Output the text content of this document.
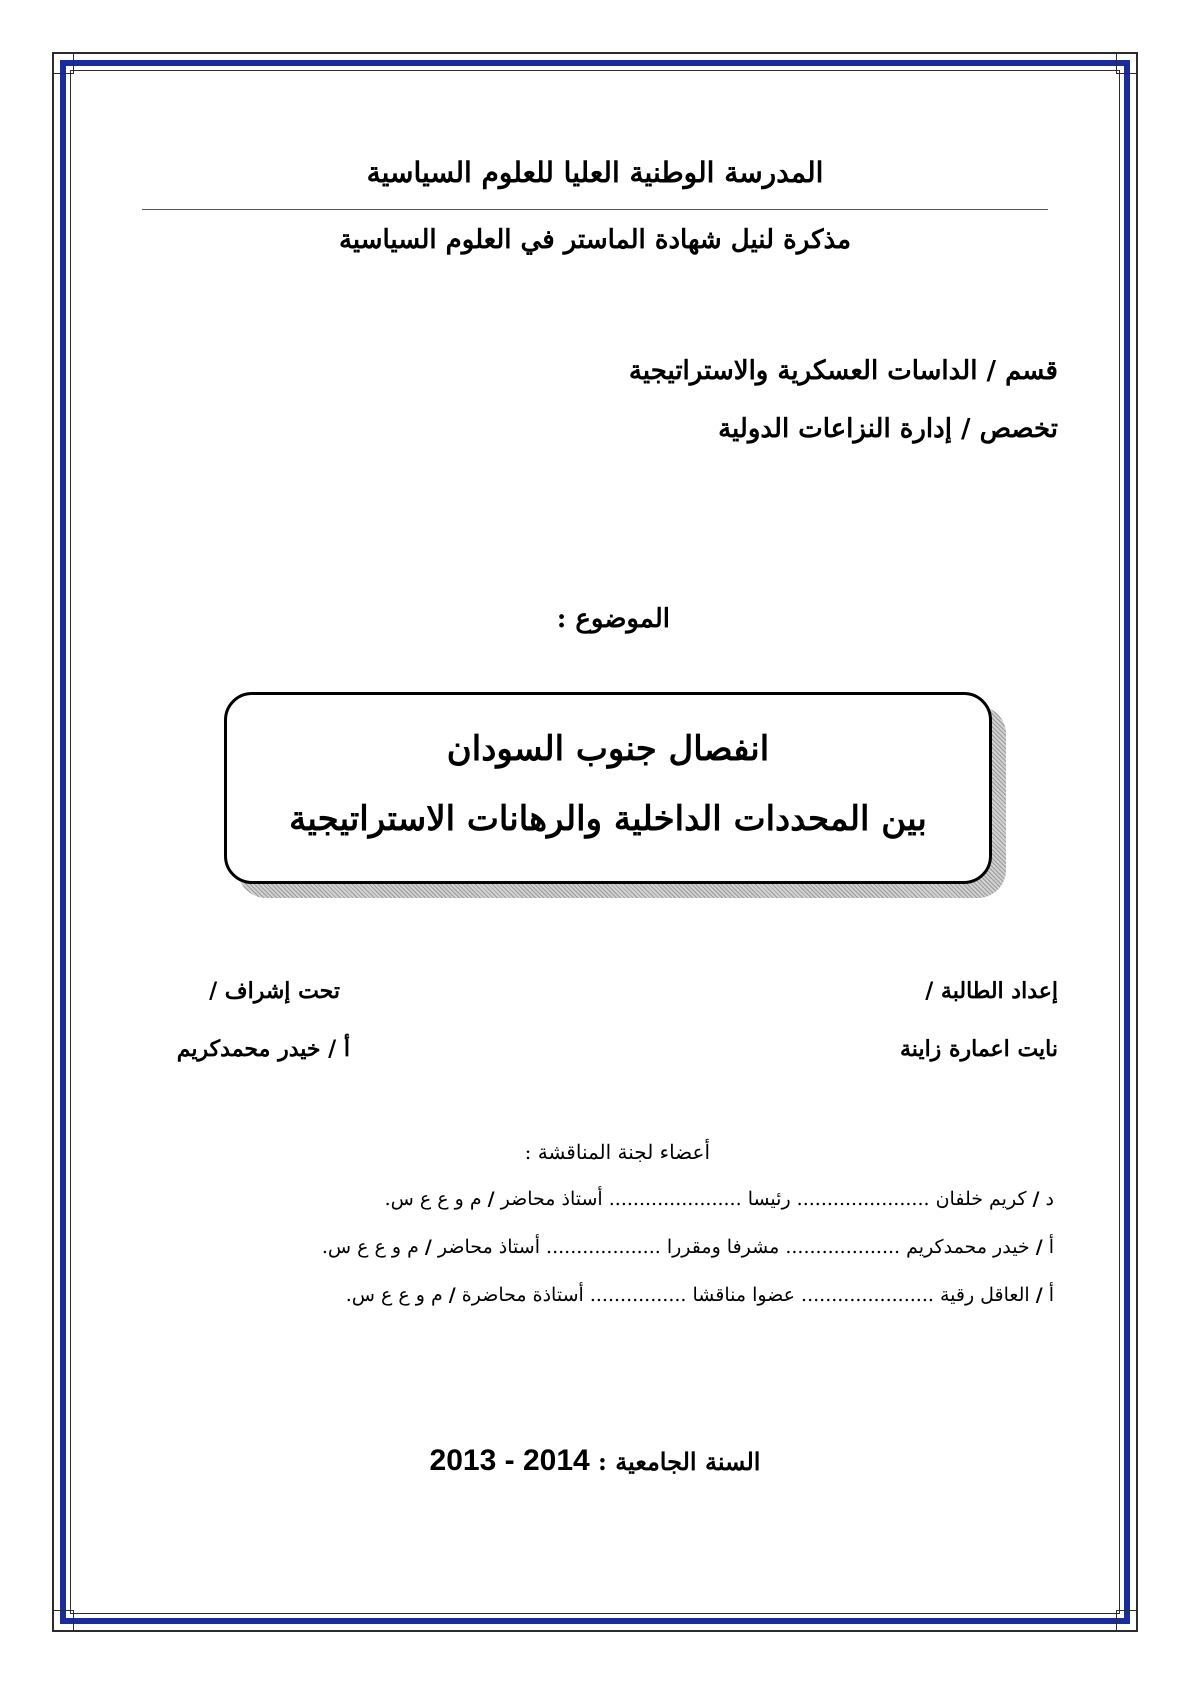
المدرسة الوطنية العليا للعلوم السياسية
مذكرة لنيل شهادة الماستر في العلوم السياسية
قسم / الداسات العسكرية والاستراتيجية
تخصص / إدارة النزاعات الدولية
الموضوع :
انفصال جنوب السودان
بين المحددات الداخلية والرهانات الاستراتيجية
إعداد الطالبة /
نايت اعمارة زاينة
تحت إشراف /
أ / خيدر محمدكريم
أعضاء لجنة المناقشة :
د / كريم خلفان ...................... رئيسا ...................... أستاذ محاضر / م و ع ع س.
أ / خيدر محمدكريم ................... مشرفا ومقررا ................... أستاذ محاضر / م و ع ع س.
أ / العاقل رقية ...................... عضوا مناقشا ................ أستاذة محاضرة / م و ع ع س.
السنة الجامعية : 2013 - 2014
